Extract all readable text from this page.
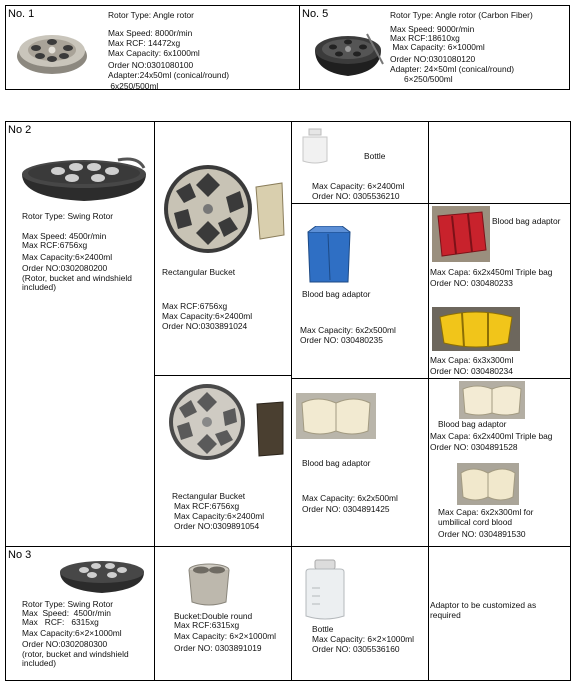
No. 1	Rotor Type: Angle rotor
Max Speed: 8000r/min
Max RCF: 14472xg
Max Capacity: 6x1000ml
Order NO:0301080100
Adapter:24x50ml (conical/round)
6x250/500ml
No. 5	Rotor Type: Angle rotor (Carbon Fiber)
Max Speed: 9000r/min
Max RCF:18610xg
Max Capacity: 6×1000ml
Order NO:0301080120
Adapter: 24×50ml (conical/round)
6×250/500ml
No 2
Rotor Type: Swing Rotor
Max Speed: 4500r/min
Max RCF:6756xg
Max Capacity:6×2400ml
Order NO:0302080200
(Rotor, bucket and windshield
included)
Rectangular Bucket
Max RCF:6756xg
Max Capacity:6×2400ml
Order NO:0303891024
Rectangular Bucket
Max RCF:6756xg
Max Capacity:6×2400ml
Order NO:0309891054
Bottle
Max Capacity: 6×2400ml
Order NO: 0305536210
Blood bag adaptor
Max Capacity: 6x2x500ml
Order NO: 030480235
Blood bag adaptor
Max Capa: 6x2x450ml Triple bag
Order NO: 030480233
Max Capa: 6x3x300ml
Order NO: 030480234
Blood bag adaptor
Max Capacity: 6x2x500ml
Order NO: 0304891425
Blood bag adaptor
Max Capa: 6x2x400ml Triple bag
Order NO: 0304891528
Max Capa: 6x2x300ml for
umbilical cord blood
Order NO: 0304891530
No 3
Rotor Type: Swing Rotor
Max  Speed:  4500r/min
Max   RCF:   6315xg
Max Capacity:6×2×1000ml
Order NO:0302080300
(rotor, bucket and windshield
included)
Bucket:Double round
Max RCF:6315xg
Max Capacity: 6×2×1000ml
Order NO: 0303891019
Bottle
Max Capacity: 6×2×1000ml
Order NO: 0305536160
Adaptor to be customized as
required
